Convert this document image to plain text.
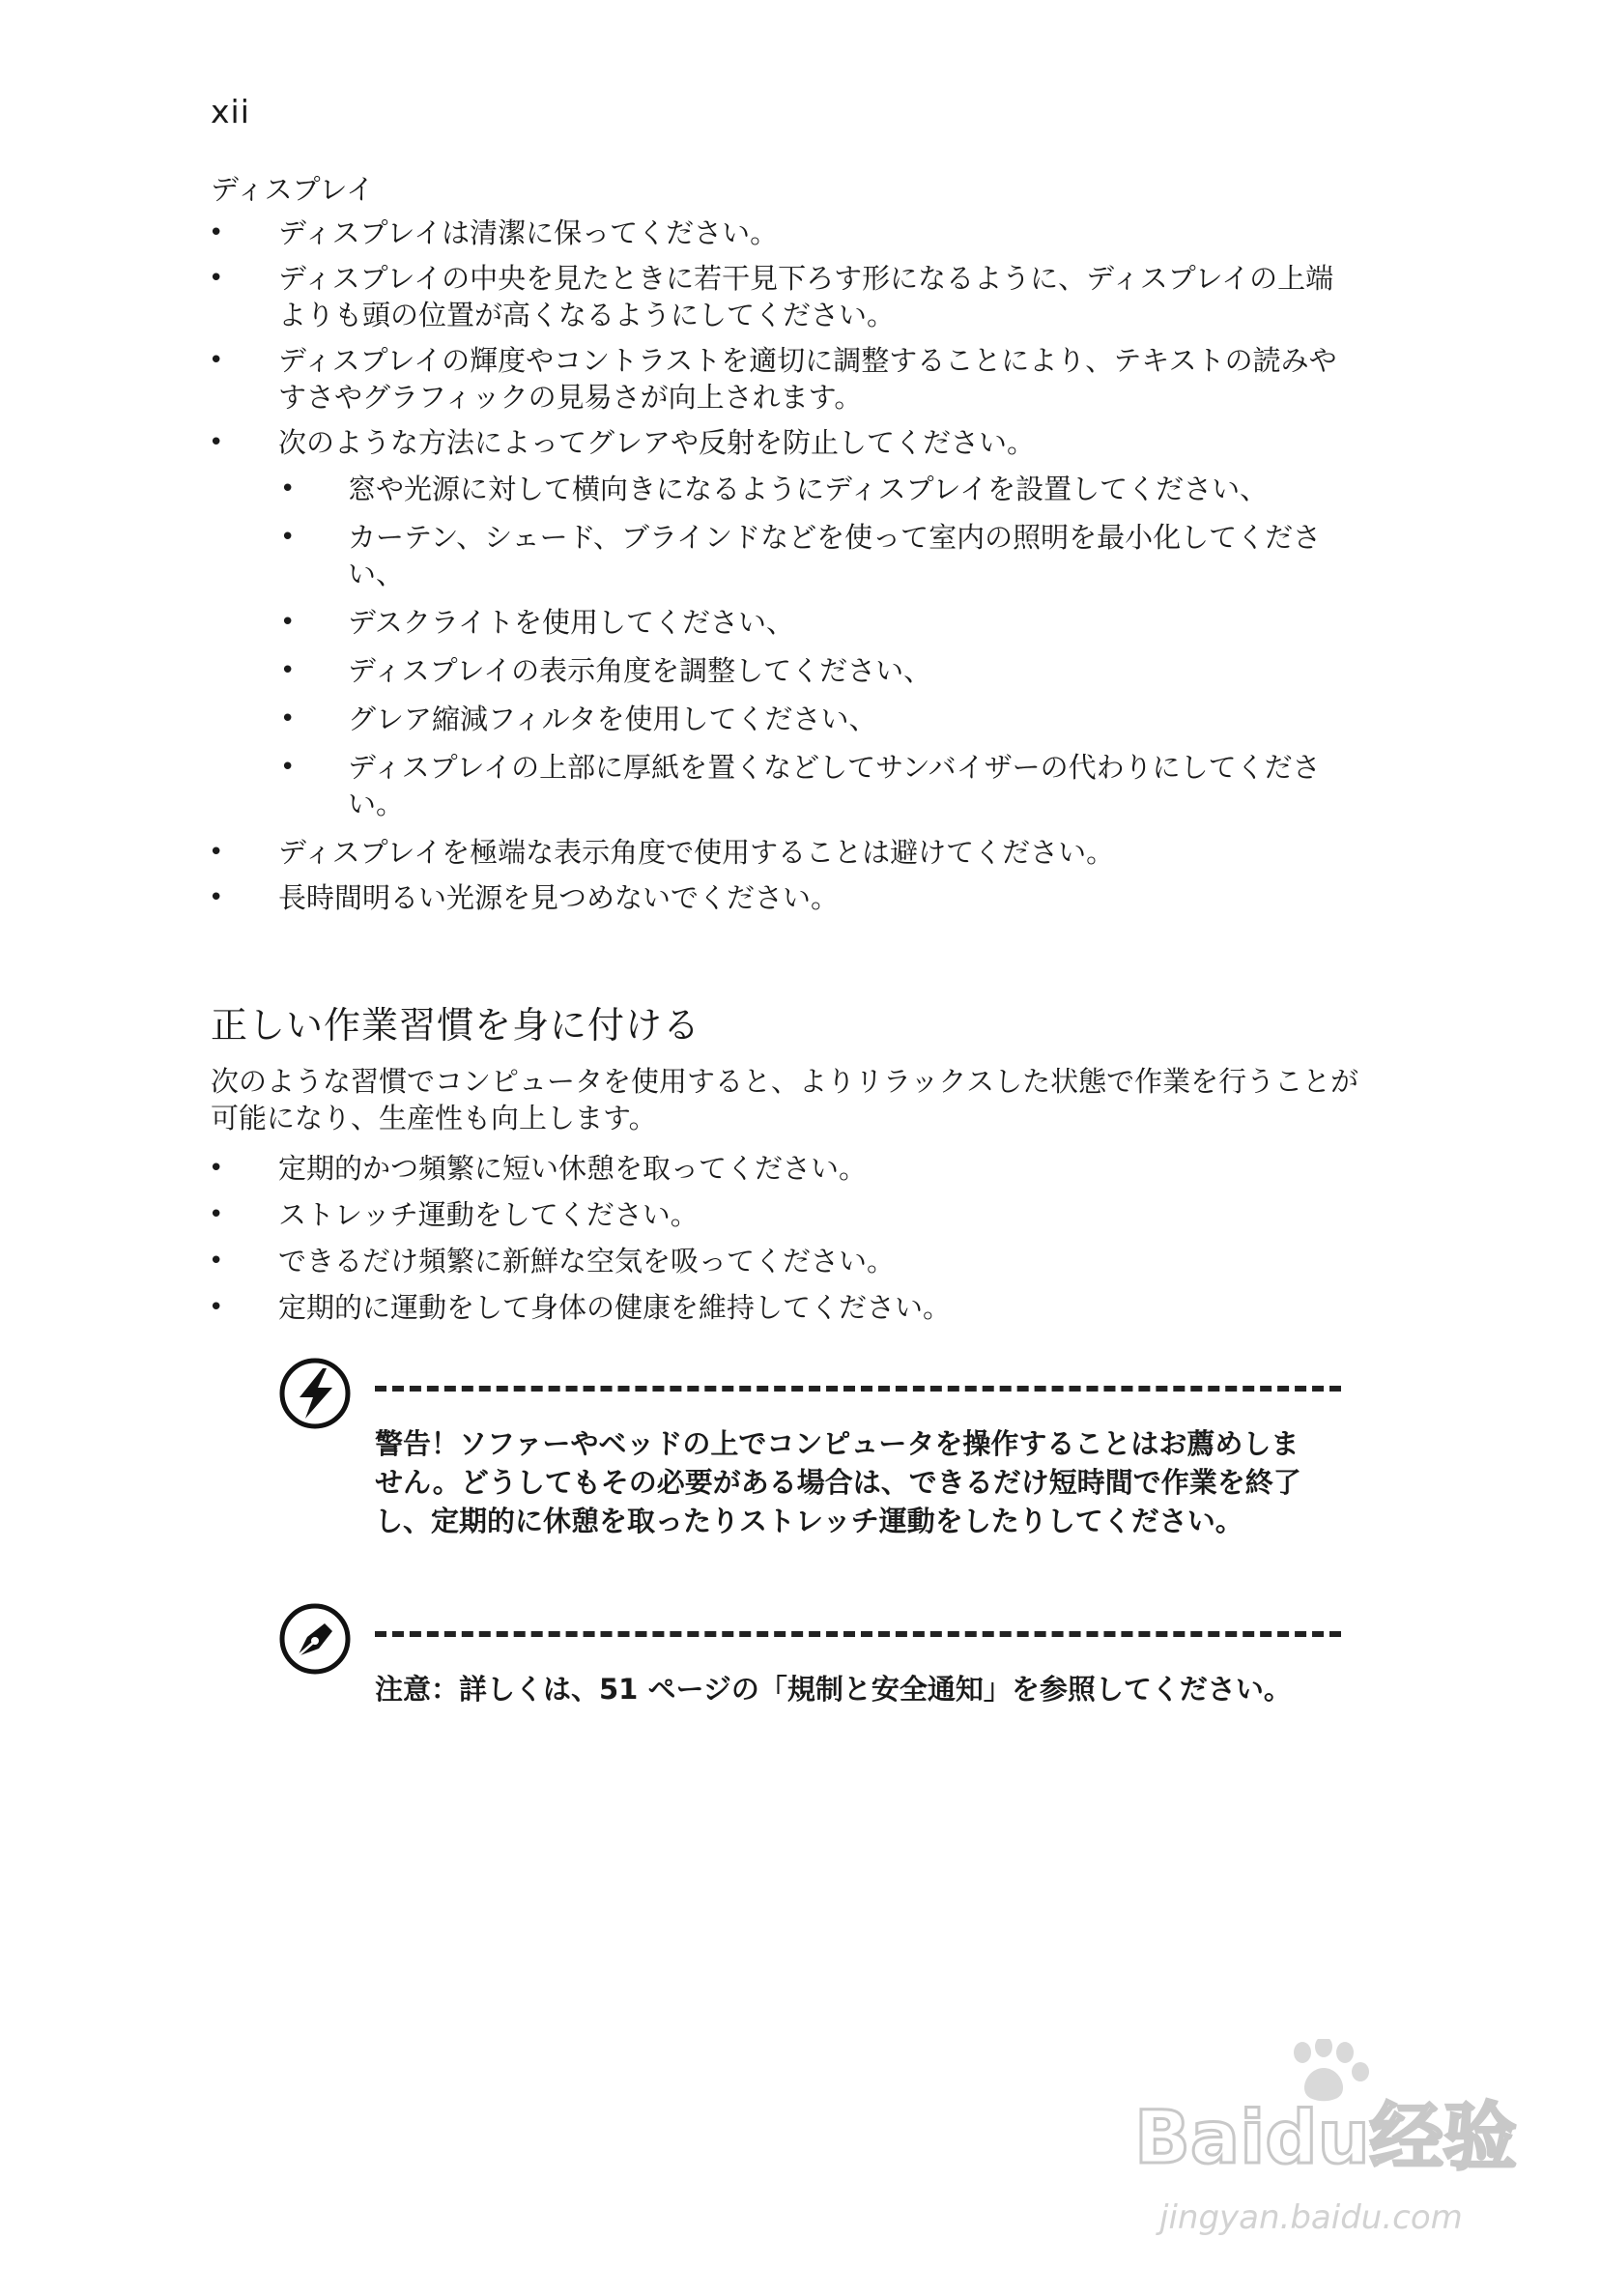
xii
ディスプレイ
• ディスプレイは清潔に保ってください。
• ディスプレイの中央を見たときに若干見下ろす形になるように、ディスプレイの上端よりも頭の位置が高くなるようにしてください。
• ディスプレイの輝度やコントラストを適切に調整することにより、テキストの読みやすさやグラフィックの見易さが向上されます。
• 次のような方法によってグレアや反射を防止してください。
• 窓や光源に対して横向きになるようにディスプレイを設置してください、
• カーテン、シェード、ブラインドなどを使って室内の照明を最小化してください、
• デスクライトを使用してください、
• ディスプレイの表示角度を調整してください、
• グレア縮減フィルタを使用してください、
• ディスプレイの上部に厚紙を置くなどしてサンバイザーの代わりにしてください。
• ディスプレイを極端な表示角度で使用することは避けてください。
• 長時間明るい光源を見つめないでください。
正しい作業習慣を身に付ける

次のような習慣でコンピュータを使用すると、よりリラックスした状態で作業を行うことが可能になり、生産性も向上します。

• 定期的かつ頻繁に短い休憩を取ってください。
• ストレッチ運動をしてください。
• できるだけ頻繁に新鮮な空気を吸ってください。
• 定期的に運動をして身体の健康を維持してください。

警告！ソファーやベッドの上でコンピュータを操作することはお薦めしません。どうしてもその必要がある場合は、できるだけ短時間で作業を終了し、定期的に休憩を取ったりストレッチ運動をしたりしてください。

注意：詳しくは、51 ページの「規制と安全通知」を参照してください。

Baidu经验
jingyan.baidu.com
